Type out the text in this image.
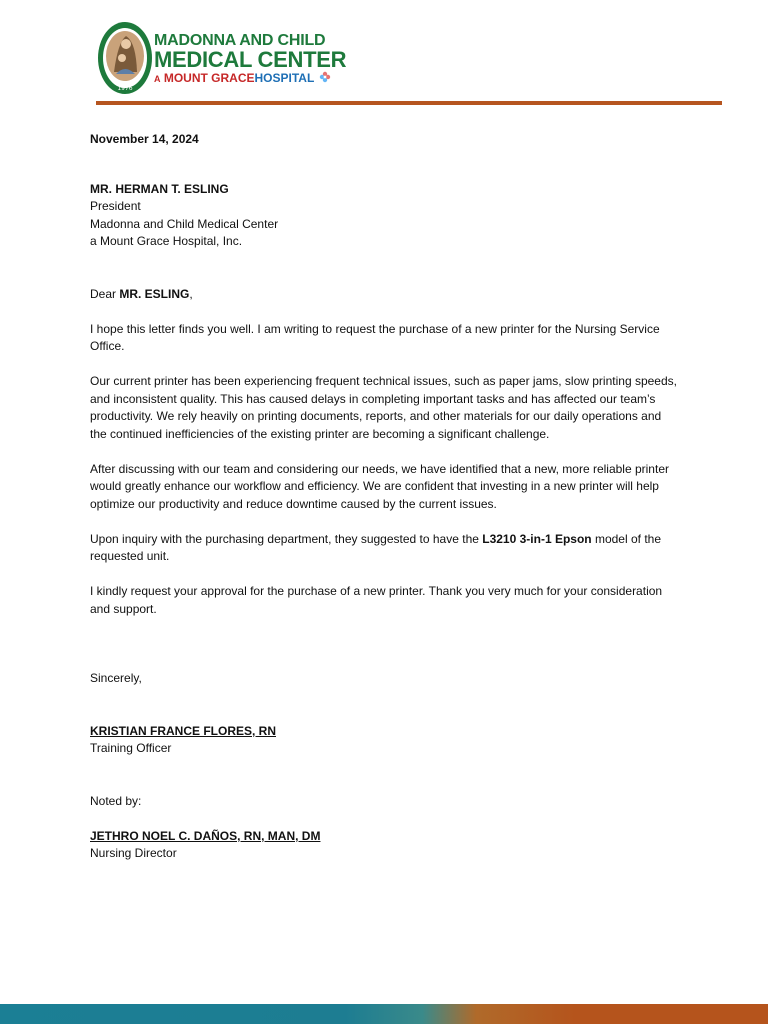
1976
MADONNA AND CHILD
MEDICAL CENTER
A MOUNT GRACEHOSPITAL

November 14, 2024

MR. HERMAN T. ESLING

President

Madonna and Child Medical Center

a Mount Grace Hospital, Inc.

Dear MR. ESLING,

I hope this letter finds you well. I am writing to request the purchase of a new printer for the Nursing Service Office.

Our current printer has been experiencing frequent technical issues, such as paper jams, slow printing speeds, and inconsistent quality. This has caused delays in completing important tasks and has affected our team’s productivity. We rely heavily on printing documents, reports, and other materials for our daily operations and the continued inefficiencies of the existing printer are becoming a significant challenge.

After discussing with our team and considering our needs, we have identified that a new, more reliable printer would greatly enhance our workflow and efficiency. We are confident that investing in a new printer will help optimize our productivity and reduce downtime caused by the current issues.

Upon inquiry with the purchasing department, they suggested to have the L3210 3-in-1 Epson model of the requested unit.

I kindly request your approval for the purchase of a new printer. Thank you very much for your consideration and support.

Sincerely,

KRISTIAN FRANCE FLORES, RN

Training Officer

Noted by:

JETHRO NOEL C. DAÑOS, RN, MAN, DM

Nursing Director
